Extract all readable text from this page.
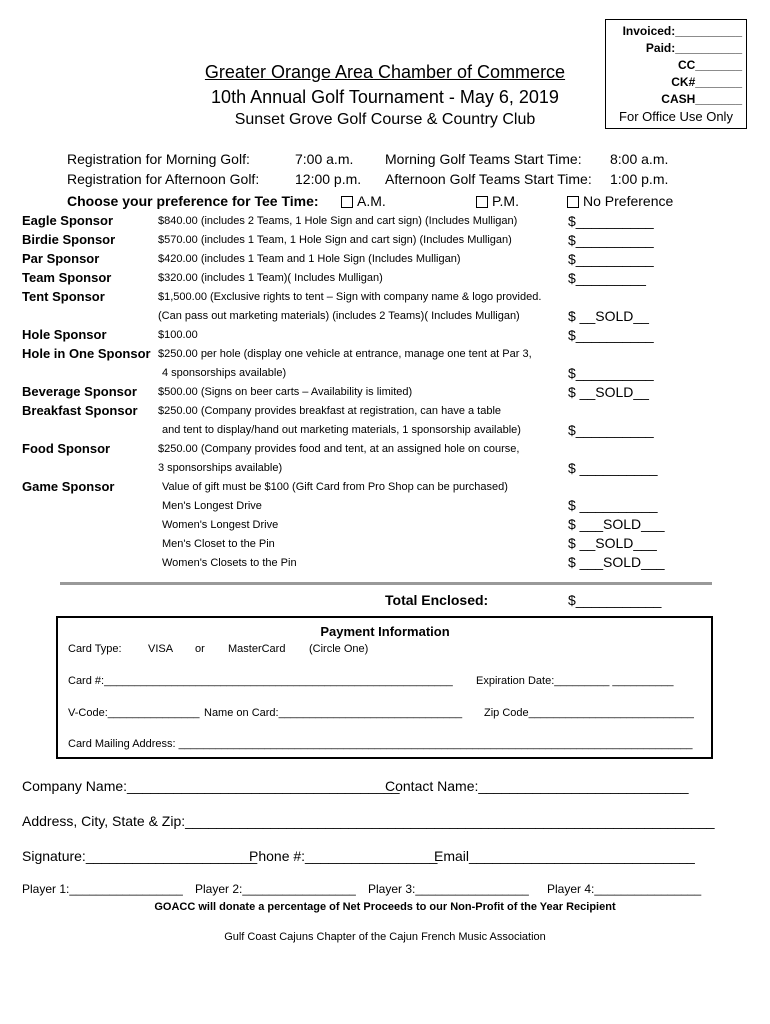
Invoiced:__________
Paid:__________
CC_______
CK#_______
CASH_______
For Office Use Only
Greater Orange Area Chamber of Commerce
10th Annual Golf Tournament - May 6, 2019
Sunset Grove Golf Course & Country Club
Registration for Morning Golf:	7:00 a.m. Morning Golf Teams Start Time: 8:00 a.m.
Registration for Afternoon Golf:	12:00 p.m. Afternoon Golf Teams Start Time: 1:00 p.m.
Choose your preference for Tee Time:	A.M.	P.M.	No Preference
Eagle Sponsor	$840.00 (includes 2 Teams, 1 Hole Sign and cart sign) (Includes Mulligan)	$__________
Birdie Sponsor	$570.00 (includes 1 Team, 1 Hole Sign and cart sign) (Includes Mulligan)	$__________
Par Sponsor	$420.00 (includes 1 Team and 1 Hole Sign (Includes Mulligan)	$__________
Team Sponsor	$320.00 (includes 1 Team)( Includes Mulligan)	$_________
Tent Sponsor	$1,500.00 (Exclusive rights to tent – Sign with company name & logo provided.
(Can pass out marketing materials) (includes 2 Teams)( Includes Mulligan)	$ __SOLD__
Hole Sponsor	$100.00	$__________
Hole in One Sponsor $250.00 per hole (display one vehicle at entrance, manage one tent at Par 3,
4 sponsorships available)	$__________
Beverage Sponsor $500.00 (Signs on beer carts – Availability is limited)	$ __SOLD__
Breakfast Sponsor $250.00 (Company provides breakfast at registration, can have a table
and tent to display/hand out marketing materials, 1 sponsorship available)	$__________
Food Sponsor	$250.00 (Company provides food and tent, at an assigned hole on course,
3 sponsorships available)	$ __________
Game Sponsor	Value of gift must be $100 (Gift Card from Pro Shop can be purchased)
Men's Longest Drive	$ __________
Women's Longest Drive	$ ___SOLD___
Men's Closet to the Pin	$ __SOLD___
Women's Closets to the Pin	$ ___SOLD___
Total Enclosed:	$___________
Payment Information
Card Type: VISA or MasterCard (Circle One)
Card #:_________________________________________________________ Expiration Date:_________ __________
V-Code:_______________ Name on Card:______________________________ Zip Code___________________________
Card Mailing Address: ____________________________________________________________________________________
Company Name:___________________________________
Contact Name:___________________________
Address, City, State & Zip:____________________________________________________________________
Signature:______________________
Phone #:_________________
Email_____________________________
Player 1:_________________ Player 2:_________________ Player 3:_________________ Player 4:________________
GOACC will donate a percentage of Net Proceeds to our Non-Profit of the Year Recipient
Gulf Coast Cajuns Chapter of the Cajun French Music Association
